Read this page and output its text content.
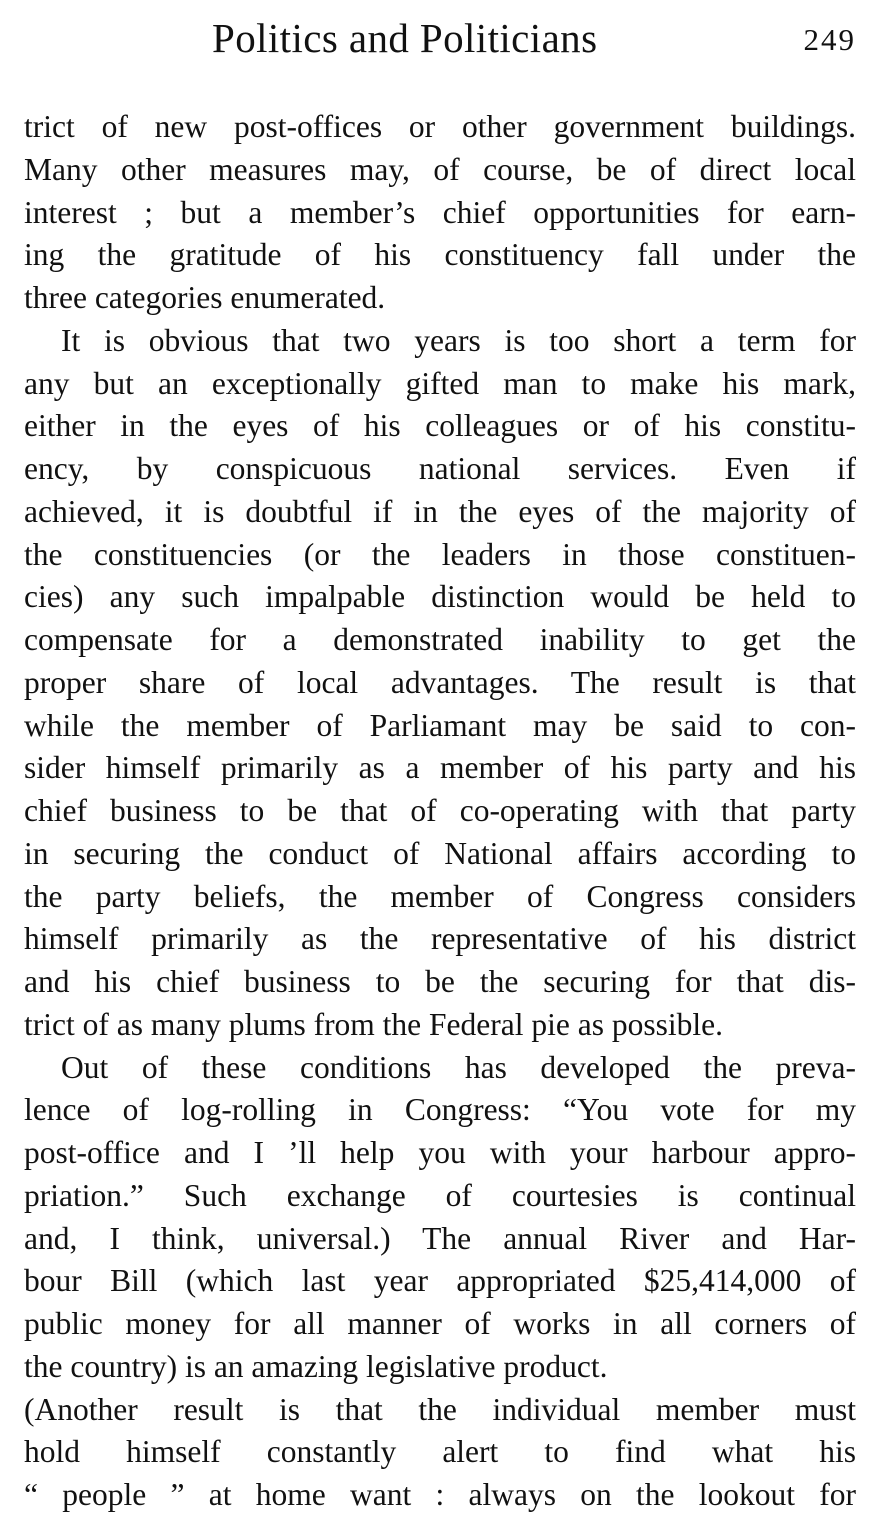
Politics and Politicians	249
trict of new post-offices or other government buildings.
Many other measures may, of course, be of direct local
interest ; but a member’s chief opportunities for earn-
ing the gratitude of his constituency fall under the
three categories enumerated.
It is obvious that two years is too short a term for
any but an exceptionally gifted man to make his mark,
either in the eyes of his colleagues or of his constitu-
ency, by conspicuous national services. Even if
achieved, it is doubtful if in the eyes of the majority of
the constituencies (or the leaders in those constituen-
cies) any such impalpable distinction would be held to
compensate for a demonstrated inability to get the
proper share of local advantages. The result is that
while the member of Parliamant may be said to con-
sider himself primarily as a member of his party and his
chief business to be that of co-operating with that party
in securing the conduct of National affairs according to
the party beliefs, the member of Congress considers
himself primarily as the representative of his district
and his chief business to be the securing for that dis-
trict of as many plums from the Federal pie as possible.
Out of these conditions has developed the preva-
lence of log-rolling in Congress: “You vote for my
post-office and I ’ll help you with your harbour appro-
priation.” Such exchange of courtesies is continual
and, I think, universal.) The annual River and Har-
bour Bill (which last year appropriated $25,414,000 of
public money for all manner of works in all corners of
the country) is an amazing legislative product.
(Another result is that the individual member must
hold himself constantly alert to find what his
“ people ” at home want : always on the lookout for
